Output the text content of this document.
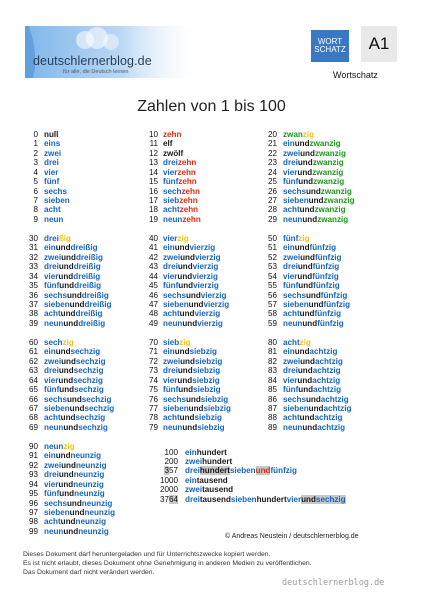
deutschlernerblog.de
für alle, die Deutsch lernen
WORT
SCHATZ	A1
Wortschatz
Zahlen von 1 bis 100
0 null
1 eins
2 zwei
3 drei
4 vier
5 fünf
6 sechs
7 sieben
8 acht
9 neun
30 dreißig
31 einunddreißig
32 zweiunddreißig
33 dreiunddreißig
34 vierunddreißig
35 fünfunddreißig
36 sechsunddreißig
37 siebenunddreißig
38 achtunddreißig
39 neununddreißig
60 sechzig
61 einundsechzig
62 zweiundsechzig
63 dreiundsechzig
64 vierundsechzig
65 fünfundsechzig
66 sechsundsechzig
67 siebenundsechzig
68 achtundsechzig
69 neunundsechzig
90 neunzig
91 einundneunzig
92 zweiundneunzig
93 dreiundneunzig
94 vierundneunzig
95 fünfundneunzig
96 sechsundneunzig
97 siebenundneunzig
98 achtundneunzig
99 neunundneunzig
10 zehn
11 elf
12 zwölf
13 dreizehn
14 vierzehn
15 fünfzehn
16 sechzehn
17 siebzehn
18 achtzehn
19 neunzehn
40 vierzig
41 einundvierzig
42 zweiundvierzig
43 dreiundvierzig
44 vierundvierzig
45 fünfundvierzig
46 sechsundvierzig
47 siebenundvierzig
48 achtundvierzig
49 neunundvierzig
70 siebzig
71 einundsiebzig
72 zweiundsiebzig
73 dreiundsiebzig
74 vierundsiebzig
75 fünfundsiebzig
76 sechsundsiebzig
77 siebenundsiebzig
78 achtundsiebzig
79 neunundsiebzig
20 zwanzig
21 einundzwanzig
22 zweiundzwanzig
23 dreiundzwanzig
24 vierundzwanzig
25 fünfundzwanzig
26 sechsundzwanzig
27 siebenundzwanzig
28 achtundzwanzig
29 neunundzwanzig
50 fünfzig
51 einundfünfzig
52 zweiundfünfzig
53 dreiundfünfzig
54 vierundfünfzig
55 fünfundfünfzig
56 sechsundfünfzig
57 siebenundfünfzig
58 achtundfünfzig
59 neunundfünfzig
80 achtzig
81 einundachtzig
82 zweiundachtzig
83 dreiundachtzig
84 vierundachtzig
85 fünfundachtzig
86 sechsundachtzig
87 siebenundachtzig
88 achtundachtzig
89 neunundachtzig
100 einhundert
200 zweihundert
357 dreihundertsiebenundfünfzig
1000 eintausend
2000 zweitausend
3764 dreitausendsiebenhundertvierundsechzig
© Andreas Neustein / deutschlernerblog.de
Dieses Dokument darf heruntergeladen und für Unterrichtszwecke kopiert werden.
Es ist nicht erlaubt, dieses Dokument ohne Genehmigung in anderen Medien zu veröffentlichen.
Das Dokument darf nicht verändert werden.
deutschlernerblog.de
